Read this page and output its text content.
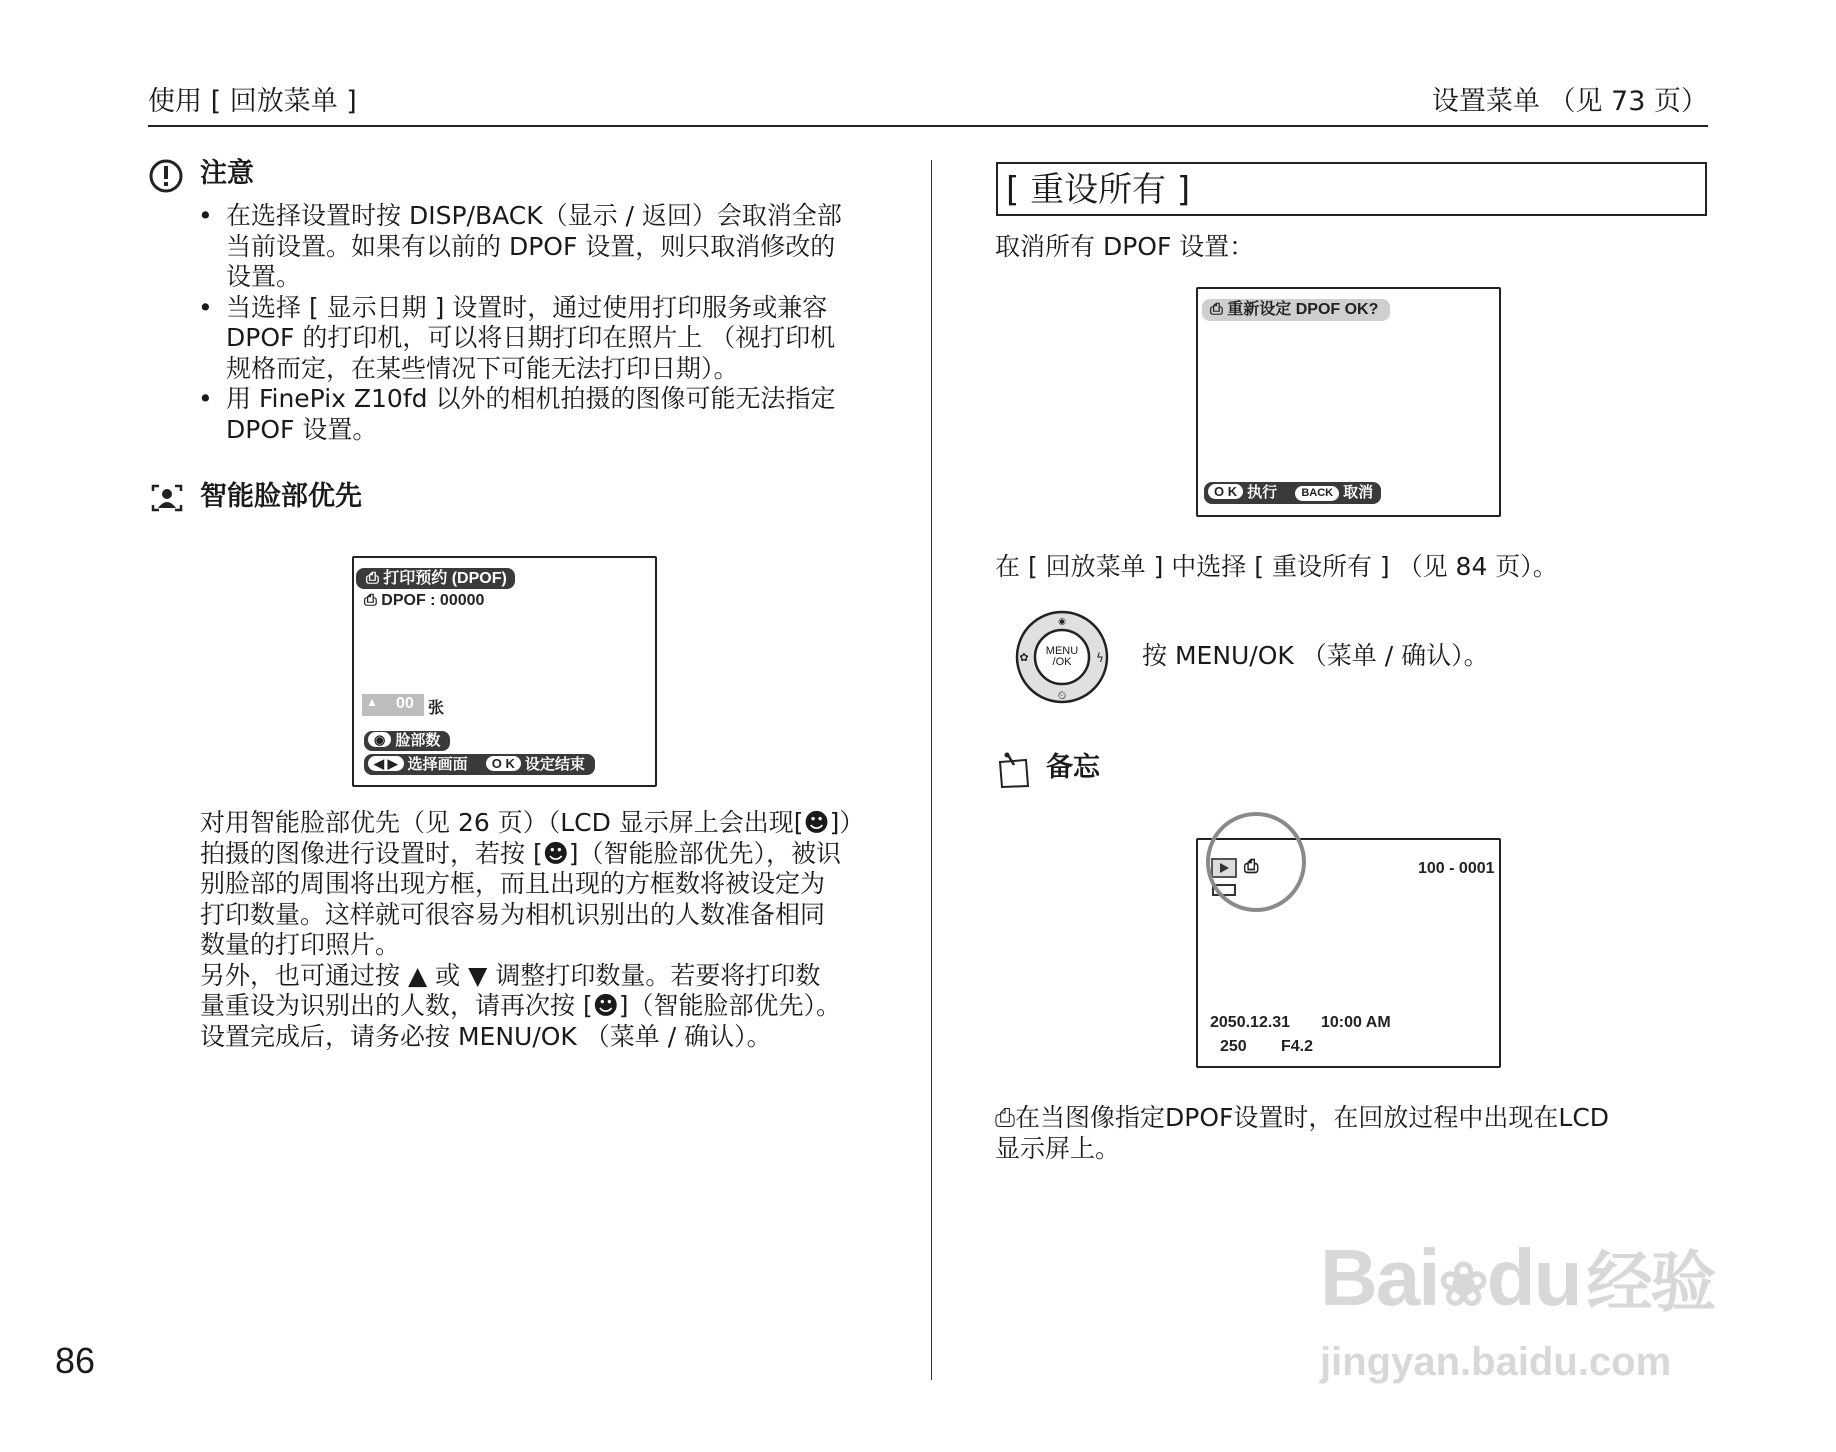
使用 [ 回放菜单 ]	设置菜单 （见 73 页）
注意
• 在选择设置时按 DISP/BACK（显示 / 返回）会取消全部
当前设置。如果有以前的 DPOF 设置，则只取消修改的
设置。
• 当选择 [ 显示日期 ] 设置时，通过使用打印服务或兼容
DPOF 的打印机，可以将日期打印在照片上 （视打印机
规格而定，在某些情况下可能无法打印日期）。
• 用 FinePix Z10fd 以外的相机拍摄的图像可能无法指定
DPOF 设置。
智能脸部优先
⎙ 打印预约 (DPOF)
⎙ DPOF : 00000
▲ 00 张
◉ 脸部数
◀ ▶ 选择画面 O K 设定结束
对用智能脸部优先（见 26 页）（LCD 显示屏上会出现[☻]）
拍摄的图像进行设置时，若按 [☻]（智能脸部优先），被识
别脸部的周围将出现方框，而且出现的方框数将被设定为
打印数量。这样就可很容易为相机识别出的人数准备相同
数量的打印照片。
另外，也可通过按 ▲ 或 ▼ 调整打印数量。若要将打印数
量重设为识别出的人数，请再次按 [☻]（智能脸部优先）。
设置完成后，请务必按 MENU/OK （菜单 / 确认）。
[ 重设所有 ]
取消所有 DPOF 设置：
⎙ 重新设定 DPOF OK?
O K 执行 BACK 取消
在 [ 回放菜单 ] 中选择 [ 重设所有 ] （见 84 页）。
◉
⏲
✿	ϟ
MENU
/OK	按 MENU/OK （菜单 / 确认）。
备忘
⎙	100 - 0001
2050.12.31 10:00 AM
250 F4.2
⎙在当图像指定DPOF设置时，在回放过程中出现在LCD
显示屏上。
86
Bai❀du经验
jingyan.baidu.com
